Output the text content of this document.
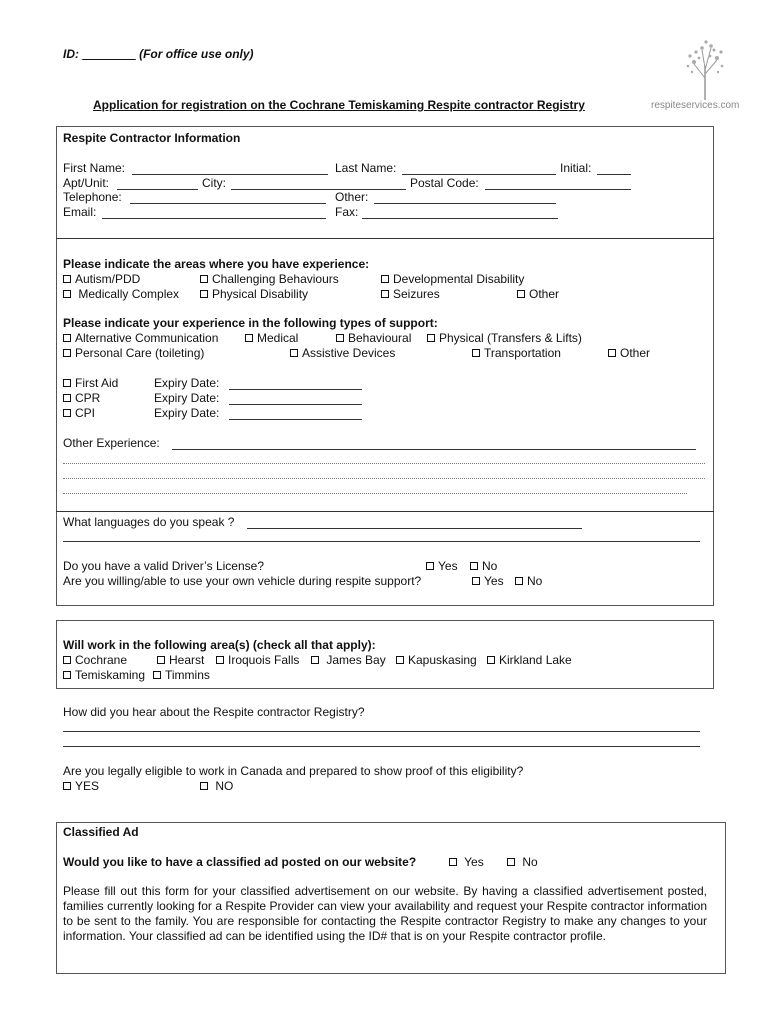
ID: ________ (For office use only)
respiteservices.com
Application for registration on the Cochrane Temiskaming Respite contractor Registry
Respite Contractor Information
First Name:	Last Name:	Initial:
Apt/Unit:	City:	Postal Code:
Telephone:	Other:
Email:	Fax:
Please indicate the areas where you have experience:
Autism/PDD	Challenging Behaviours	Developmental Disability
Medically Complex	Physical Disability	Seizures	Other
Please indicate your experience in the following types of support:
Alternative Communication	Medical	Behavioural	Physical (Transfers & Lifts)
Personal Care (toileting)	Assistive Devices	Transportation	Other
First Aid	Expiry Date:
CPR	Expiry Date:
CPI	Expiry Date:
Other Experience:
What languages do you speak ?
Do you have a valid Driver’s License?	Yes	No
Are you willing/able to use your own vehicle during respite support?	Yes	No
Will work in the following area(s) (check all that apply):
Cochrane	Hearst	Iroquois Falls	James Bay	Kapuskasing	Kirkland Lake
Temiskaming	Timmins
How did you hear about the Respite contractor Registry?
Are you legally eligible to work in Canada and prepared to show proof of this eligibility?
YES	NO
Classified Ad
Would you like to have a classified ad posted on our website?	Yes	No
Please fill out this form for your classified advertisement on our website. By having a classified advertisement posted, families currently looking for a Respite Provider can view your availability and request your Respite contractor information to be sent to the family. You are responsible for contacting the Respite contractor Registry to make any changes to your information. Your classified ad can be identified using the ID# that is on your Respite contractor profile.
